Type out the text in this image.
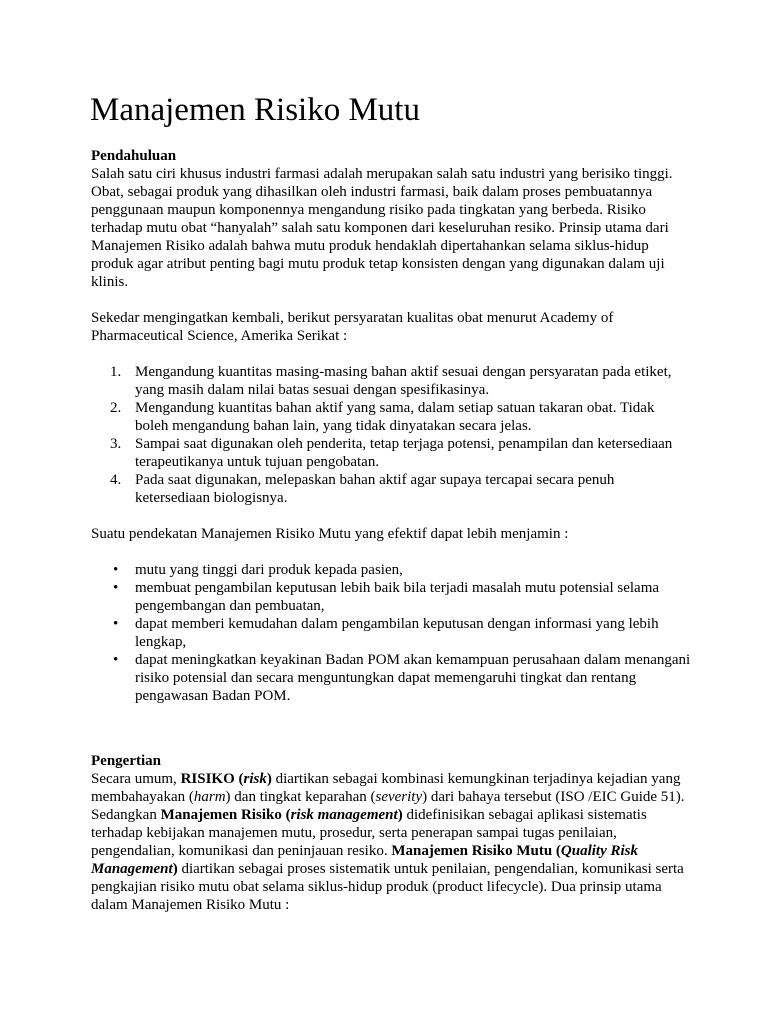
Manajemen Risiko Mutu
Pendahuluan

Salah satu ciri khusus industri farmasi adalah merupakan salah satu industri yang berisiko tinggi. Obat, sebagai produk yang dihasilkan oleh industri farmasi, baik dalam proses pembuatannya penggunaan maupun komponennya mengandung risiko pada tingkatan yang berbeda. Risiko terhadap mutu obat “hanyalah” salah satu komponen dari keseluruhan resiko. Prinsip utama dari Manajemen Risiko adalah bahwa mutu produk hendaklah dipertahankan selama siklus-hidup produk agar atribut penting bagi mutu produk tetap konsisten dengan yang digunakan dalam uji klinis.

Sekedar mengingatkan kembali, berikut persyaratan kualitas obat menurut Academy of Pharmaceutical Science, Amerika Serikat :

1. Mengandung kuantitas masing-masing bahan aktif sesuai dengan persyaratan pada etiket, yang masih dalam nilai batas sesuai dengan spesifikasinya.
2. Mengandung kuantitas bahan aktif yang sama, dalam setiap satuan takaran obat. Tidak boleh mengandung bahan lain, yang tidak dinyatakan secara jelas.
3. Sampai saat digunakan oleh penderita, tetap terjaga potensi, penampilan dan ketersediaan terapeutikanya untuk tujuan pengobatan.
4. Pada saat digunakan, melepaskan bahan aktif agar supaya tercapai secara penuh ketersediaan biologisnya.

Suatu pendekatan Manajemen Risiko Mutu yang efektif dapat lebih menjamin :

• mutu yang tinggi dari produk kepada pasien,
• membuat pengambilan keputusan lebih baik bila terjadi masalah mutu potensial selama pengembangan dan pembuatan,
• dapat memberi kemudahan dalam pengambilan keputusan dengan informasi yang lebih lengkap,
• dapat meningkatkan keyakinan Badan POM akan kemampuan perusahaan dalam menangani risiko potensial dan secara menguntungkan dapat memengaruhi tingkat dan rentang pengawasan Badan POM.
Pengertian

Secara umum, RISIKO (risk) diartikan sebagai kombinasi kemungkinan terjadinya kejadian yang membahayakan (harm) dan tingkat keparahan (severity) dari bahaya tersebut (ISO /EIC Guide 51). Sedangkan Manajemen Risiko (risk management) didefinisikan sebagai aplikasi sistematis terhadap kebijakan manajemen mutu, prosedur, serta penerapan sampai tugas penilaian, pengendalian, komunikasi dan peninjauan resiko. Manajemen Risiko Mutu (Quality Risk Management) diartikan sebagai proses sistematik untuk penilaian, pengendalian, komunikasi serta pengkajian risiko mutu obat selama siklus-hidup produk (product lifecycle). Dua prinsip utama dalam Manajemen Risiko Mutu :
